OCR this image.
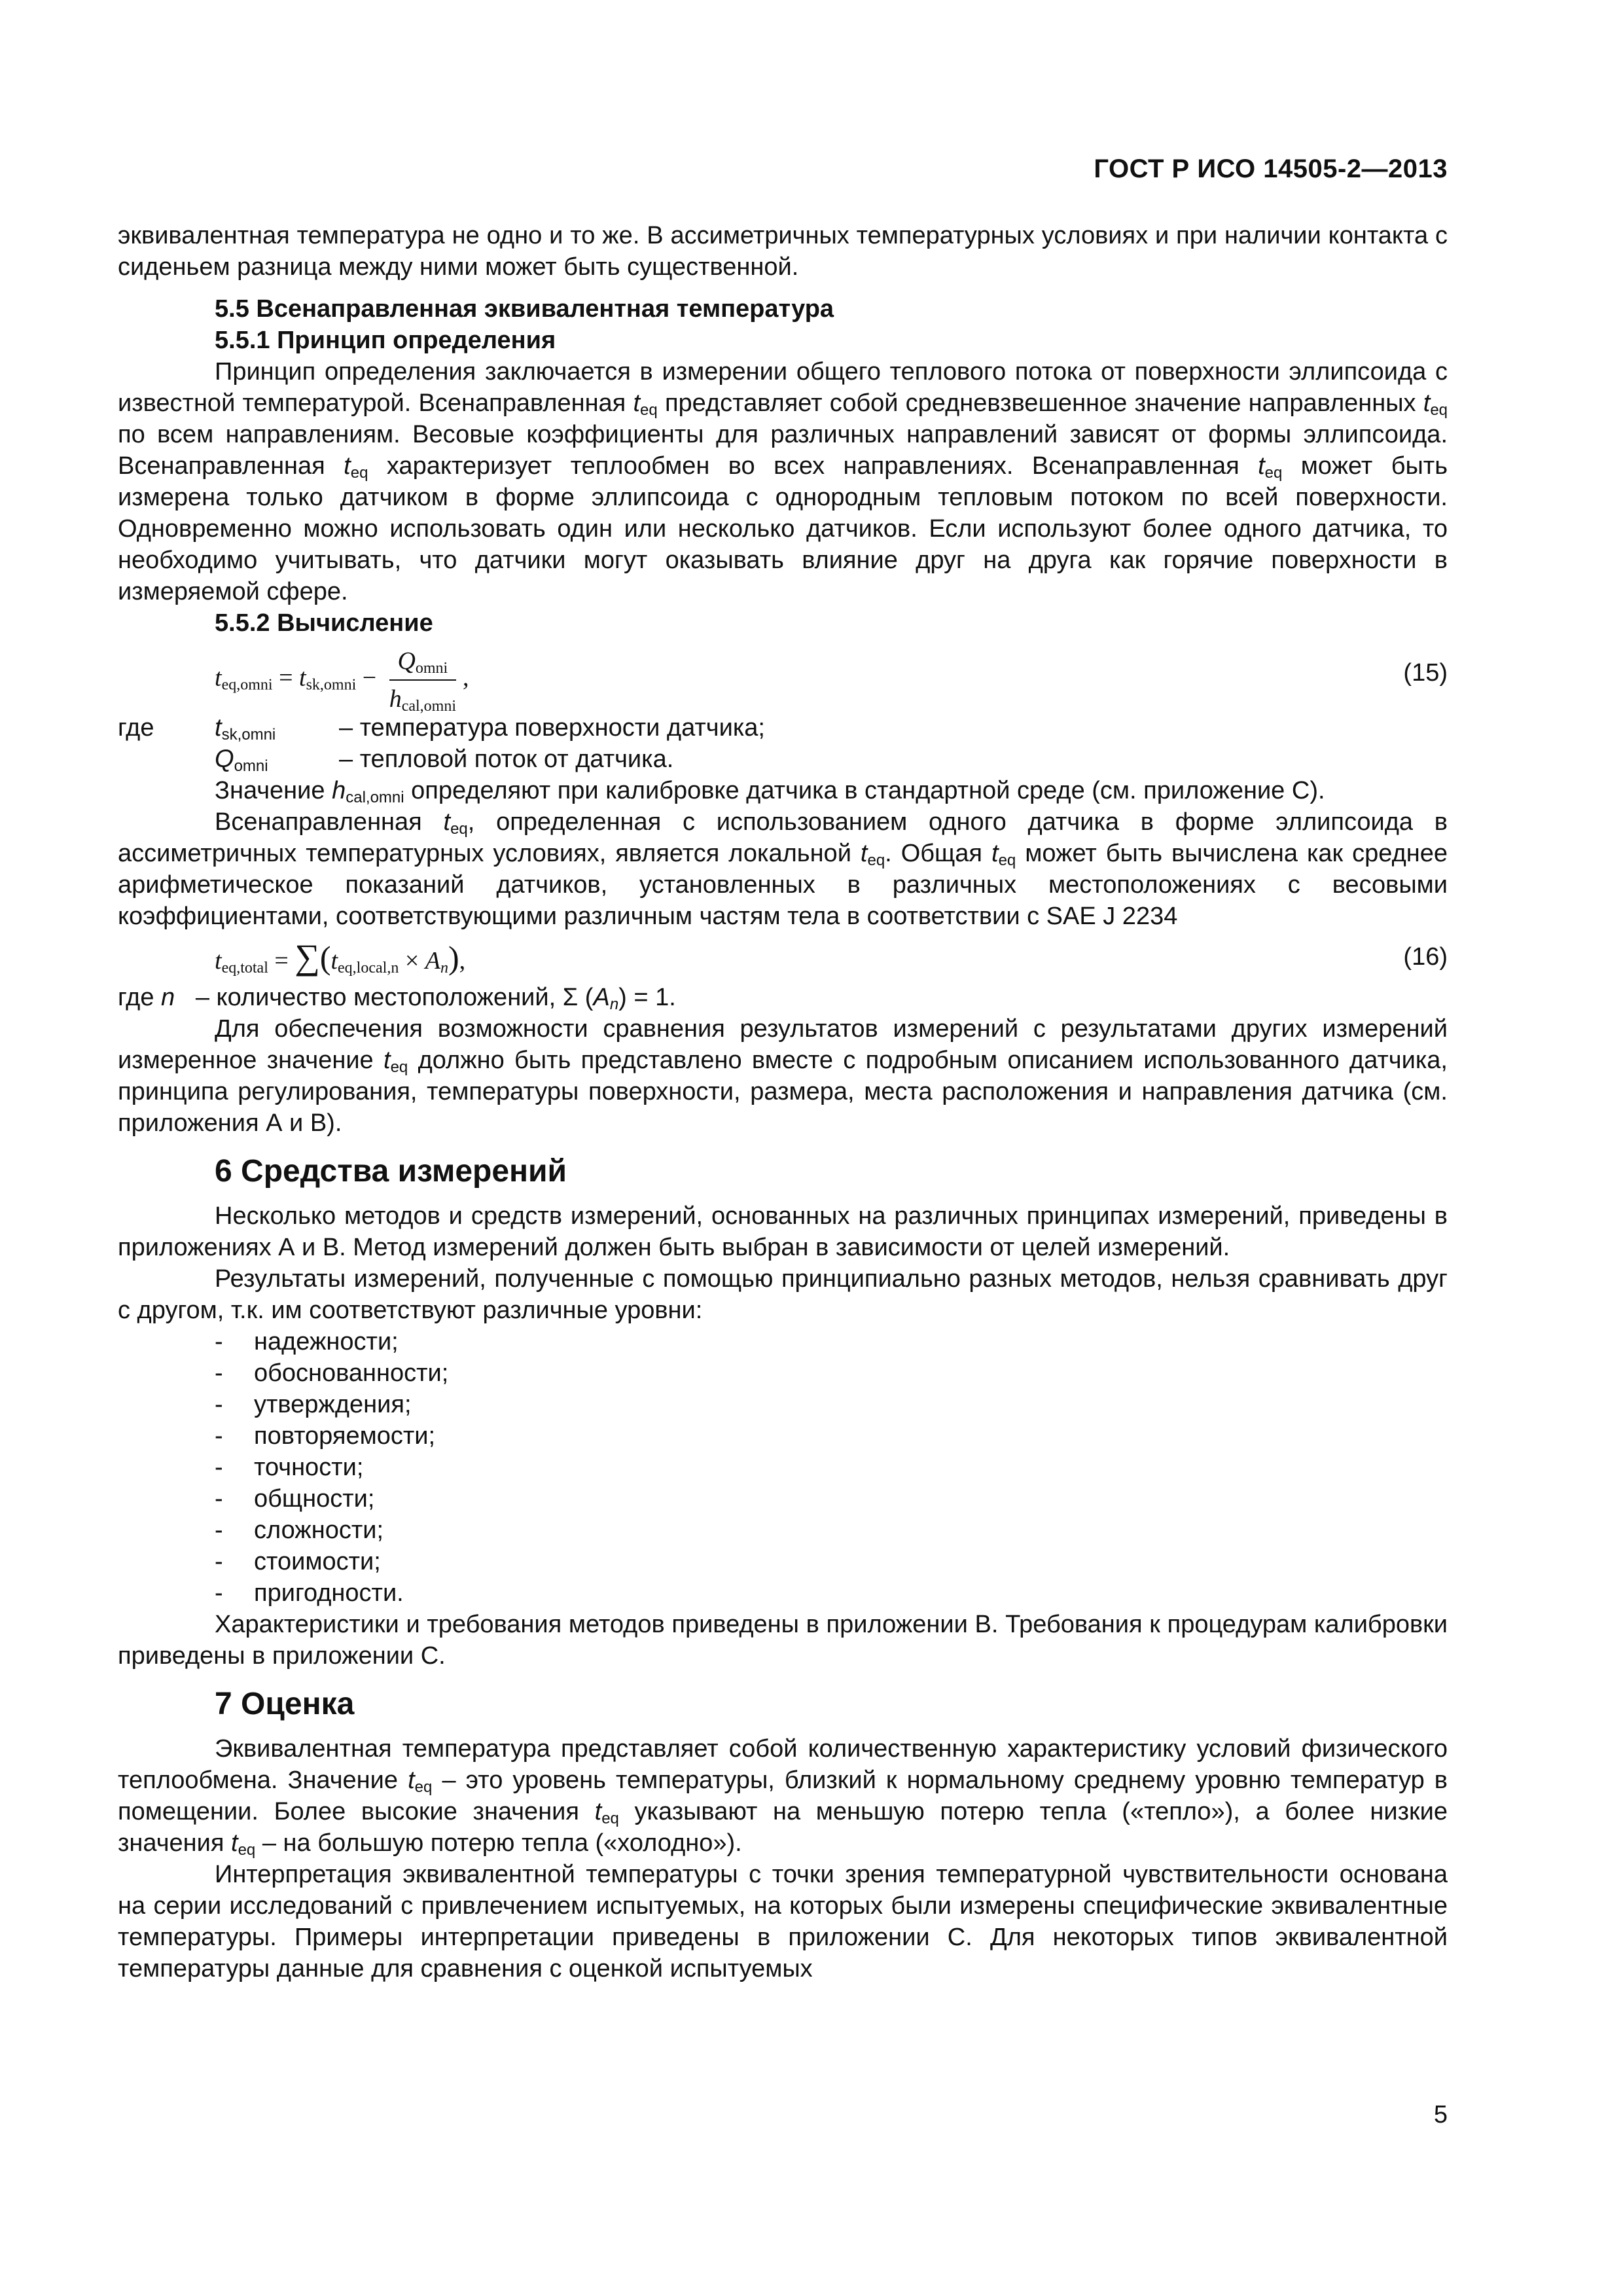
ГОСТ Р ИСО 14505-2—2013

эквивалентная температура не одно и то же. В ассиметричных температурных условиях и при наличии контакта с сиденьем разница между ними может быть существенной.

5.5 Всенаправленная эквивалентная температура

5.5.1 Принцип определения

Принцип определения заключается в измерении общего теплового потока от поверхности эллипсоида с известной температурой. Всенаправленная $t_{eq}$ представляет собой средневзвешенное значение направленных $t_{eq}$ по всем направлениям. Весовые коэффициенты для различных направлений зависят от формы эллипсоида. Всенаправленная $t_{eq}$ характеризует теплообмен во всех направлениях. Всенаправленная $t_{eq}$ может быть измерена только датчиком в форме эллипсоида с однородным тепловым потоком по всей поверхности. Одновременно можно использовать один или несколько датчиков. Если используют более одного датчика, то необходимо учитывать, что датчики могут оказывать влияние друг на друга как горячие поверхности в измеряемой сфере.

5.5.2 Вычисление

$t_{eq,omni} = t_{sk,omni} - \frac{Q_{omni}}{h_{cal,omni}}$ ,	(15)
где	$t_{sk,omni}$	– температура поверхности датчика;
$Q_{omni}$	– тепловой поток от датчика.

Значение $h_{cal,omni}$ определяют при калибровке датчика в стандартной среде (см. приложение С).

Всенаправленная $t_{eq}$, определенная с использованием одного датчика в форме эллипсоида в ассиметричных температурных условиях, является локальной $t_{eq}$. Общая $t_{eq}$ может быть вычислена как среднее арифметическое показаний датчиков, установленных в различных местоположениях с весовыми коэффициентами, соответствующими различным частям тела в соответствии с SAE J 2234

$t_{eq,total} = \sum(t_{eq,local,n} \times A_n)$,	(16)

где n – количество местоположений, Σ $(A_n) = 1$.

Для обеспечения возможности сравнения результатов измерений с результатами других измерений измеренное значение $t_{eq}$ должно быть представлено вместе с подробным описанием использованного датчика, принципа регулирования, температуры поверхности, размера, места расположения и направления датчика (см. приложения А и В).

6 Средства измерений

Несколько методов и средств измерений, основанных на различных принципах измерений, приведены в приложениях А и В. Метод измерений должен быть выбран в зависимости от целей измерений.

Результаты измерений, полученные с помощью принципиально разных методов, нельзя сравнивать друг с другом, т.к. им соответствуют различные уровни:

-	надежности;
-	обоснованности;
-	утверждения;
-	повторяемости;
-	точности;
-	общности;
-	сложности;
-	стоимости;
-	пригодности.

Характеристики и требования методов приведены в приложении В. Требования к процедурам калибровки приведены в приложении С.

7 Оценка

Эквивалентная температура представляет собой количественную характеристику условий физического теплообмена. Значение $t_{eq}$ – это уровень температуры, близкий к нормальному среднему уровню температур в помещении. Более высокие значения $t_{eq}$ указывают на меньшую потерю тепла («тепло»), а более низкие значения $t_{eq}$ – на большую потерю тепла («холодно»).

Интерпретация эквивалентной температуры с точки зрения температурной чувствительности основана на серии исследований с привлечением испытуемых, на которых были измерены специфические эквивалентные температуры. Примеры интерпретации приведены в приложении С. Для некоторых типов эквивалентной температуры данные для сравнения с оценкой испытуемых

5
